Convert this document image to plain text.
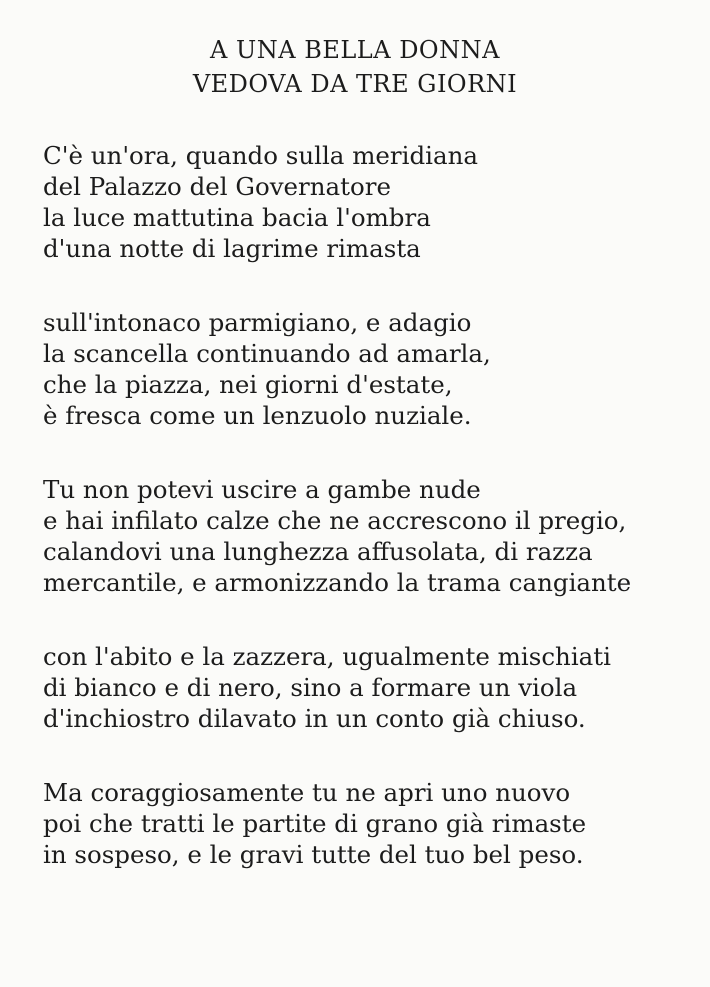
A UNA BELLA DONNA
VEDOVA DA TRE GIORNI
C'è un'ora, quando sulla meridiana
del Palazzo del Governatore
la luce mattutina bacia l'ombra
d'una notte di lagrime rimasta
sull'intonaco parmigiano, e adagio
la scancella continuando ad amarla,
che la piazza, nei giorni d'estate,
è fresca come un lenzuolo nuziale.
Tu non potevi uscire a gambe nude
e hai infilato calze che ne accrescono il pregio,
calandovi una lunghezza affusolata, di razza
mercantile, e armonizzando la trama cangiante
con l'abito e la zazzera, ugualmente mischiati
di bianco e di nero, sino a formare un viola
d'inchiostro dilavato in un conto già chiuso.
Ma coraggiosamente tu ne apri uno nuovo
poi che tratti le partite di grano già rimaste
in sospeso, e le gravi tutte del tuo bel peso.
